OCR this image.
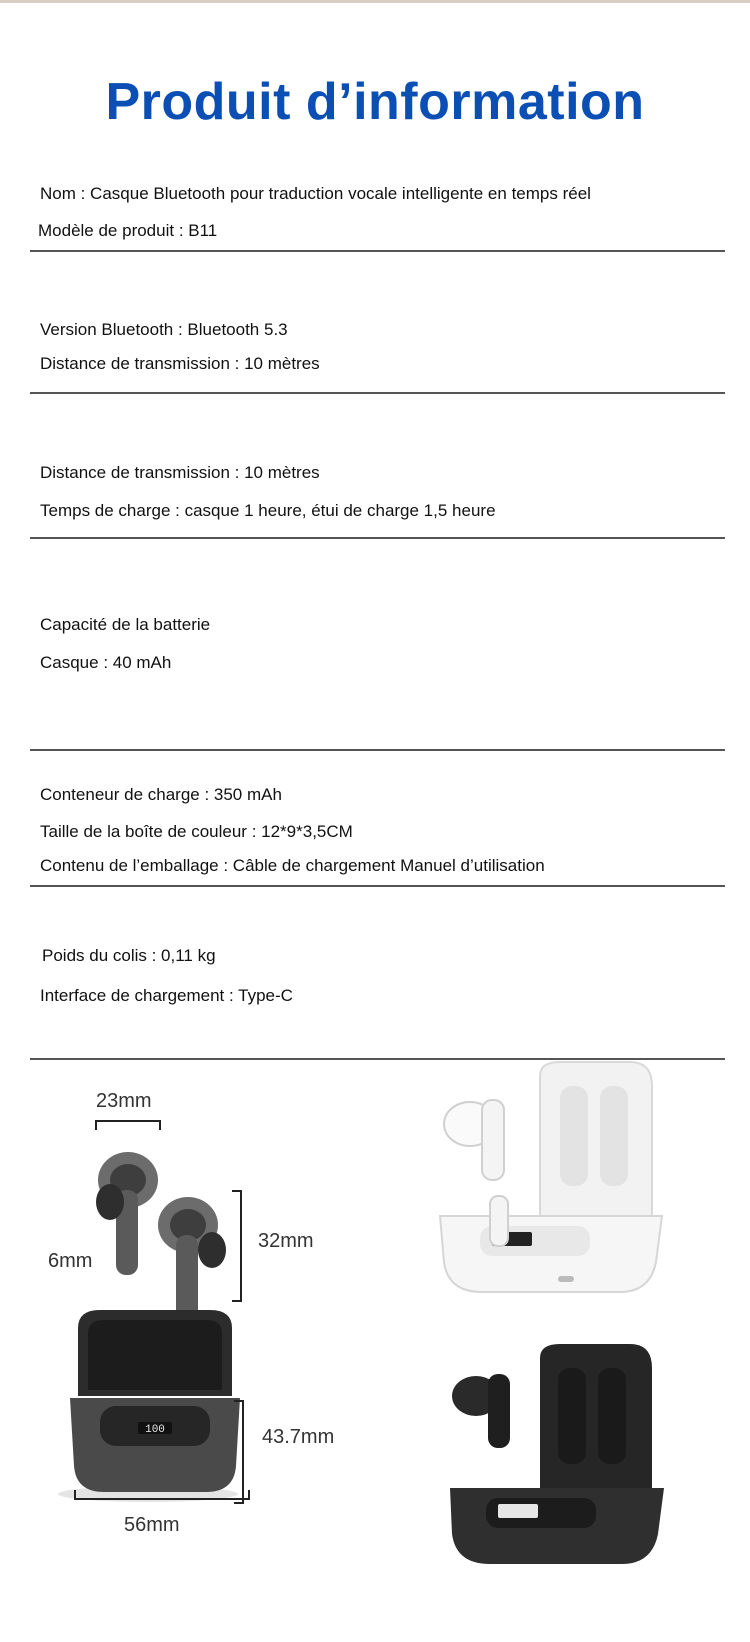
Produit d’information
Nom : Casque Bluetooth pour traduction vocale intelligente en temps réel
Modèle de produit : B11
Version Bluetooth : Bluetooth 5.3
Distance de transmission : 10 mètres
Distance de transmission : 10 mètres
Temps de charge : casque 1 heure, étui de charge 1,5 heure
Capacité de la batterie
Casque : 40 mAh
Conteneur de charge : 350 mAh
Taille de la boîte de couleur : 12*9*3,5CM
Contenu de l’emballage : Câble de chargement Manuel d’utilisation
Poids du colis : 0,11 kg
Interface de chargement : Type-C
23mm
6mm
32mm
100	43.7mm
56mm
